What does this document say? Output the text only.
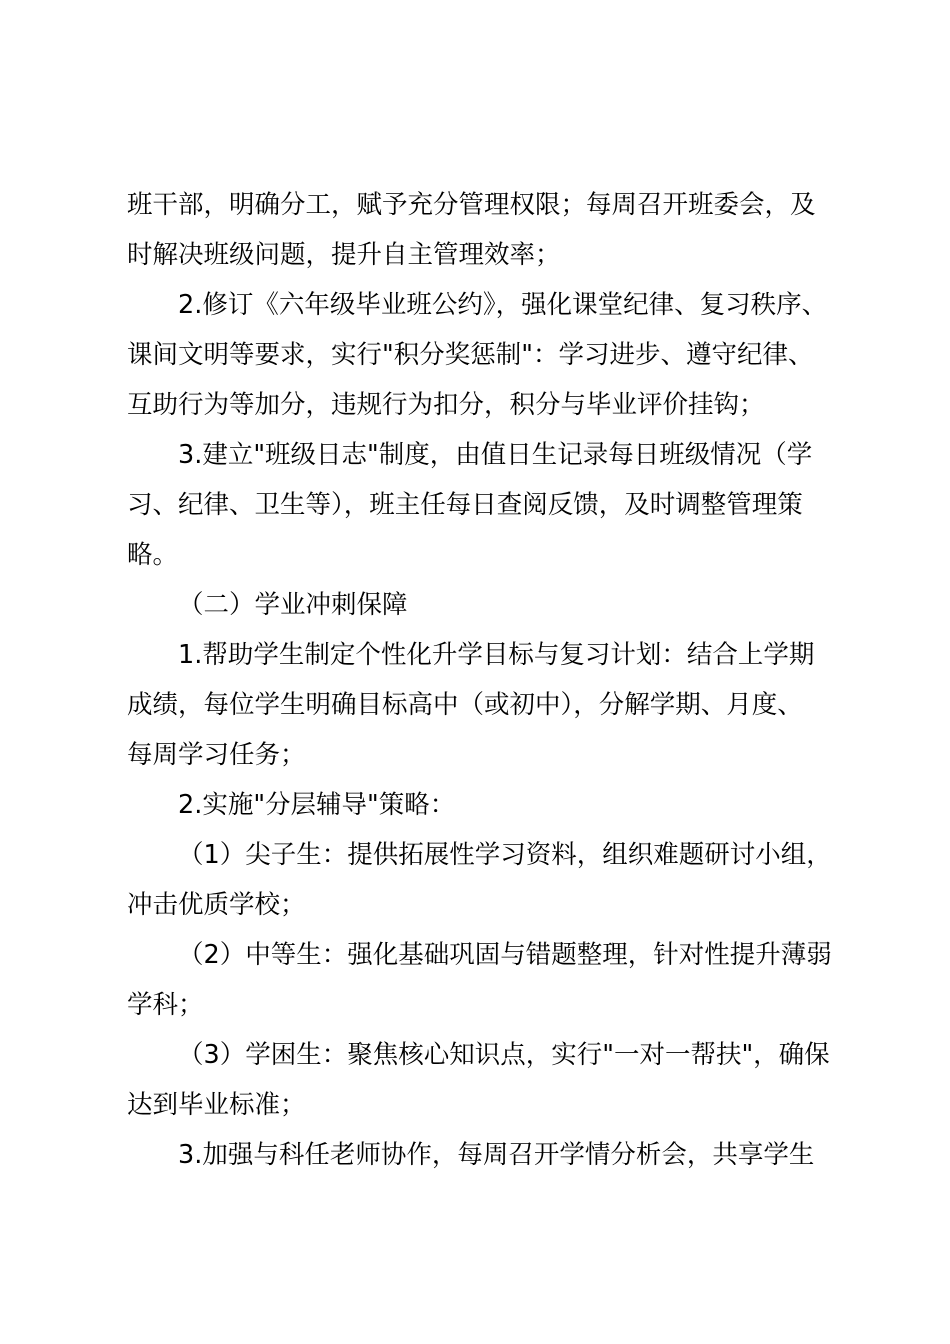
班干部，明确分工，赋予充分管理权限；每周召开班委会，及
时解决班级问题，提升自主管理效率；
2.修订《六年级毕业班公约》，强化课堂纪律、复习秩序、
课间文明等要求，实行"积分奖惩制"：学习进步、遵守纪律、
互助行为等加分，违规行为扣分，积分与毕业评价挂钩；
3.建立"班级日志"制度，由值日生记录每日班级情况（学
习、纪律、卫生等），班主任每日查阅反馈，及时调整管理策
略。
（二）学业冲刺保障
1.帮助学生制定个性化升学目标与复习计划：结合上学期
成绩，每位学生明确目标高中（或初中），分解学期、月度、
每周学习任务；
2.实施"分层辅导"策略：
（1）尖子生：提供拓展性学习资料，组织难题研讨小组，
冲击优质学校；
（2）中等生：强化基础巩固与错题整理，针对性提升薄弱
学科；
（3）学困生：聚焦核心知识点，实行"一对一帮扶"，确保
达到毕业标准；
3.加强与科任老师协作，每周召开学情分析会，共享学生
